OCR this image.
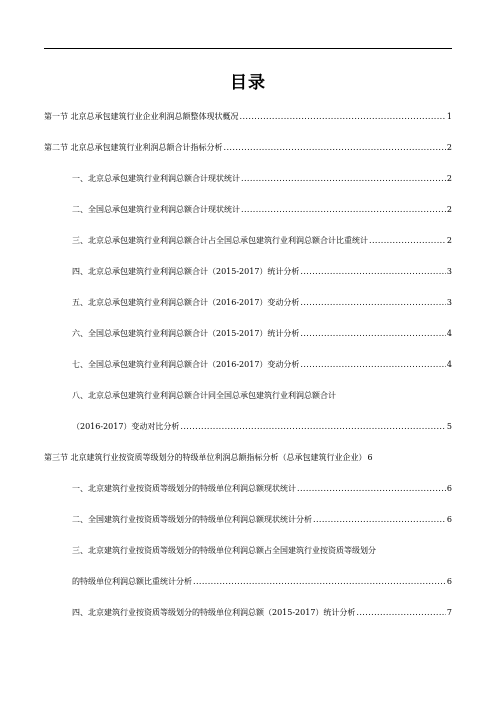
目录
第一节 北京总承包建筑行业企业利润总额整体现状概况 .....	1
第二节 北京总承包建筑行业利润总额合计指标分析 .....	2
一、北京总承包建筑行业利润总额合计现状统计 .....	2
二、全国总承包建筑行业利润总额合计现状统计 .....	2
三、北京总承包建筑行业利润总额合计占全国总承包建筑行业利润总额合计比重统计 .....	2
四、北京总承包建筑行业利润总额合计（2015-2017）统计分析 .....	3
五、北京总承包建筑行业利润总额合计（2016-2017）变动分析 .....	3
六、全国总承包建筑行业利润总额合计（2015-2017）统计分析 .....	4
七、全国总承包建筑行业利润总额合计（2016-2017）变动分析 .....	4
八、北京总承包建筑行业利润总额合计同全国总承包建筑行业利润总额合计
（2016-2017）变动对比分析 .....	5
第三节 北京建筑行业按资质等级划分的特级单位利润总额指标分析（总承包建筑行业企业） 6
一、北京建筑行业按资质等级划分的特级单位利润总额现状统计 .....	6
二、全国建筑行业按资质等级划分的特级单位利润总额现状统计分析 .....	6
三、北京建筑行业按资质等级划分的特级单位利润总额占全国建筑行业按资质等级划分
的特级单位利润总额比重统计分析 .....	6
四、北京建筑行业按资质等级划分的特级单位利润总额（2015-2017）统计分析 .....	7
